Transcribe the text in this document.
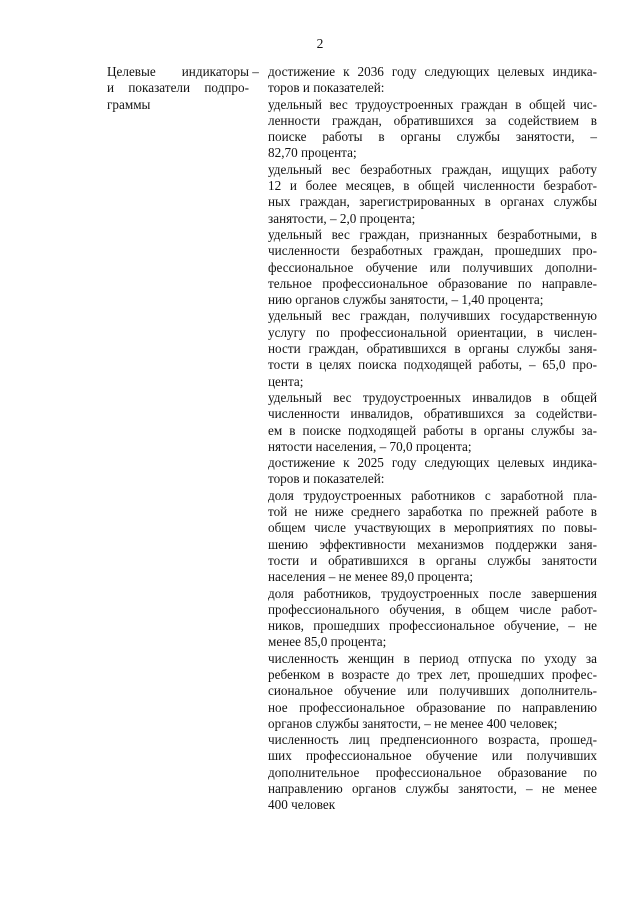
2
Целевые индикаторы
и показатели подпро-
граммы
– достижение к 2036 году следующих целевых индика-
торов и показателей:
удельный вес трудоустроенных граждан в общей чис-
ленности граждан, обратившихся за содействием в
поиске работы в органы службы занятости, –
82,70 процента;
удельный вес безработных граждан, ищущих работу
12 и более месяцев, в общей численности безработ-
ных граждан, зарегистрированных в органах службы
занятости, – 2,0 процента;
удельный вес граждан, признанных безработными, в
численности безработных граждан, прошедших про-
фессиональное обучение или получивших дополни-
тельное профессиональное образование по направле-
нию органов службы занятости, – 1,40 процента;
удельный вес граждан, получивших государственную
услугу по профессиональной ориентации, в числен-
ности граждан, обратившихся в органы службы заня-
тости в целях поиска подходящей работы, – 65,0 про-
цента;
удельный вес трудоустроенных инвалидов в общей
численности инвалидов, обратившихся за содействи-
ем в поиске подходящей работы в органы службы за-
нятости населения, – 70,0 процента;
достижение к 2025 году следующих целевых индика-
торов и показателей:
доля трудоустроенных работников с заработной пла-
той не ниже среднего заработка по прежней работе в
общем числе участвующих в мероприятиях по повы-
шению эффективности механизмов поддержки заня-
тости и обратившихся в органы службы занятости
населения – не менее 89,0 процента;
доля работников, трудоустроенных после завершения
профессионального обучения, в общем числе работ-
ников, прошедших профессиональное обучение, – не
менее 85,0 процента;
численность женщин в период отпуска по уходу за
ребенком в возрасте до трех лет, прошедших профес-
сиональное обучение или получивших дополнитель-
ное профессиональное образование по направлению
органов службы занятости, – не менее 400 человек;
численность лиц предпенсионного возраста, прошед-
ших профессиональное обучение или получивших
дополнительное профессиональное образование по
направлению органов службы занятости, – не менее
400 человек
